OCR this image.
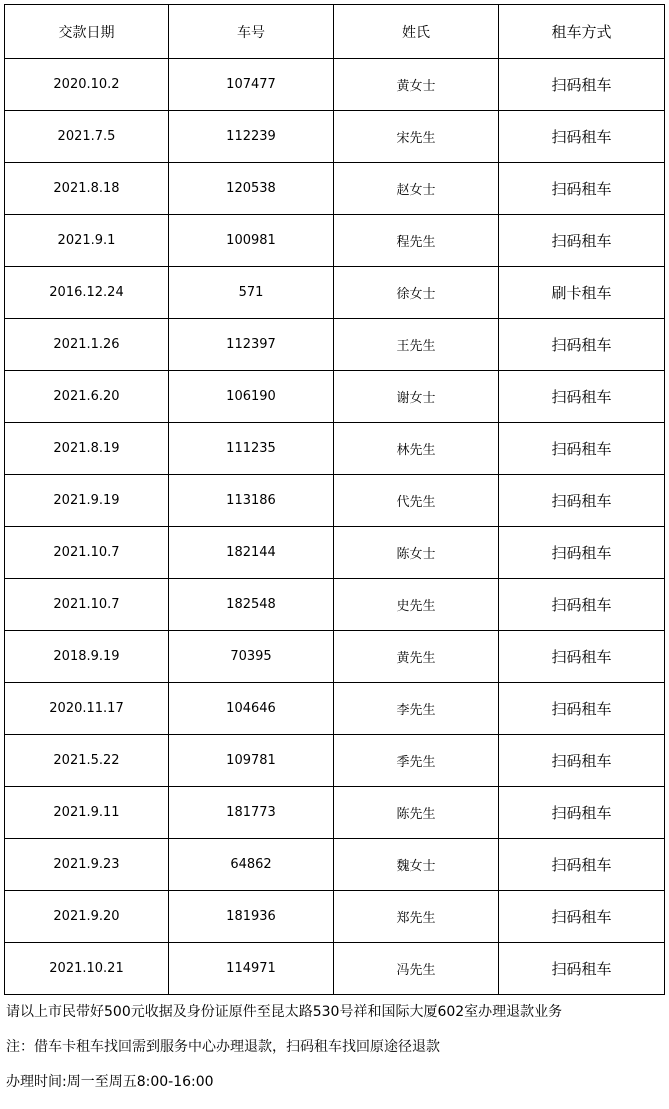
交款日期	车号	姓氏	租车方式
2020.10.2	107477	黄女士	扫码租车
2021.7.5	112239	宋先生	扫码租车
2021.8.18	120538	赵女士	扫码租车
2021.9.1	100981	程先生	扫码租车
2016.12.24	571	徐女士	刷卡租车
2021.1.26	112397	王先生	扫码租车
2021.6.20	106190	谢女士	扫码租车
2021.8.19	111235	林先生	扫码租车
2021.9.19	113186	代先生	扫码租车
2021.10.7	182144	陈女士	扫码租车
2021.10.7	182548	史先生	扫码租车
2018.9.19	70395	黄先生	扫码租车
2020.11.17	104646	李先生	扫码租车
2021.5.22	109781	季先生	扫码租车
2021.9.11	181773	陈先生	扫码租车
2021.9.23	64862	魏女士	扫码租车
2021.9.20	181936	郑先生	扫码租车
2021.10.21	114971	冯先生	扫码租车
请以上市民带好500元收据及身份证原件至昆太路530号祥和国际大厦602室办理退款业务
注：借车卡租车找回需到服务中心办理退款，扫码租车找回原途径退款
办理时间:周一至周五8:00-16:00
